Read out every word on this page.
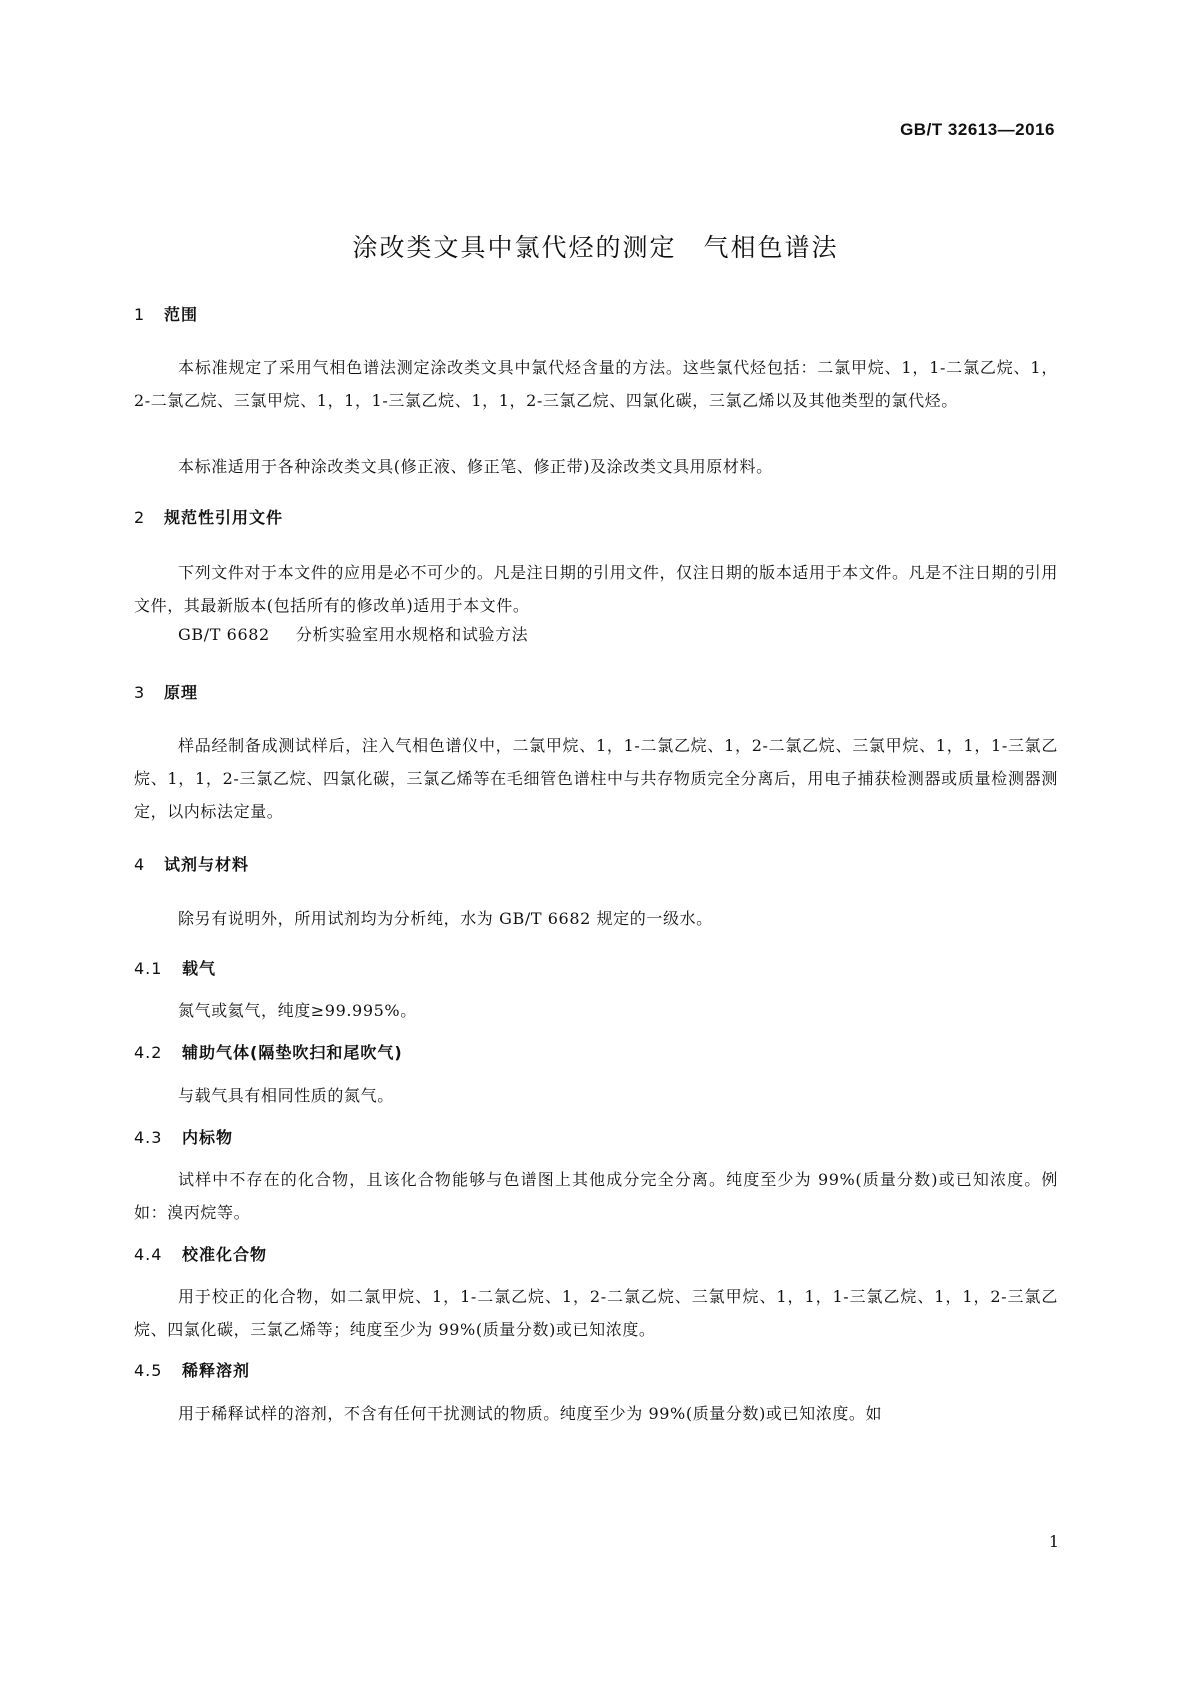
GB/T 32613—2016
涂改类文具中氯代烃的测定　气相色谱法
1 范围

本标准规定了采用气相色谱法测定涂改类文具中氯代烃含量的方法。这些氯代烃包括：二氯甲烷、1，1-二氯乙烷、1，2-二氯乙烷、三氯甲烷、1，1，1-三氯乙烷、1，1，2-三氯乙烷、四氯化碳，三氯乙烯以及其他类型的氯代烃。

本标准适用于各种涂改类文具(修正液、修正笔、修正带)及涂改类文具用原材料。

2 规范性引用文件

下列文件对于本文件的应用是必不可少的。凡是注日期的引用文件，仅注日期的版本适用于本文件。凡是不注日期的引用文件，其最新版本(包括所有的修改单)适用于本文件。

GB/T 6682 分析实验室用水规格和试验方法

3 原理

样品经制备成测试样后，注入气相色谱仪中，二氯甲烷、1，1-二氯乙烷、1，2-二氯乙烷、三氯甲烷、1，1，1-三氯乙烷、1，1，2-三氯乙烷、四氯化碳，三氯乙烯等在毛细管色谱柱中与共存物质完全分离后，用电子捕获检测器或质量检测器测定，以内标法定量。

4 试剂与材料

除另有说明外，所用试剂均为分析纯，水为 GB/T 6682 规定的一级水。

4.1 载气

氮气或氦气，纯度≥99.995%。

4.2 辅助气体(隔垫吹扫和尾吹气)

与载气具有相同性质的氮气。

4.3 内标物

试样中不存在的化合物，且该化合物能够与色谱图上其他成分完全分离。纯度至少为 99%(质量分数)或已知浓度。例如：溴丙烷等。

4.4 校准化合物

用于校正的化合物，如二氯甲烷、1，1-二氯乙烷、1，2-二氯乙烷、三氯甲烷、1，1，1-三氯乙烷、1，1，2-三氯乙烷、四氯化碳，三氯乙烯等；纯度至少为 99%(质量分数)或已知浓度。

4.5 稀释溶剂

用于稀释试样的溶剂，不含有任何干扰测试的物质。纯度至少为 99%(质量分数)或已知浓度。如

1
